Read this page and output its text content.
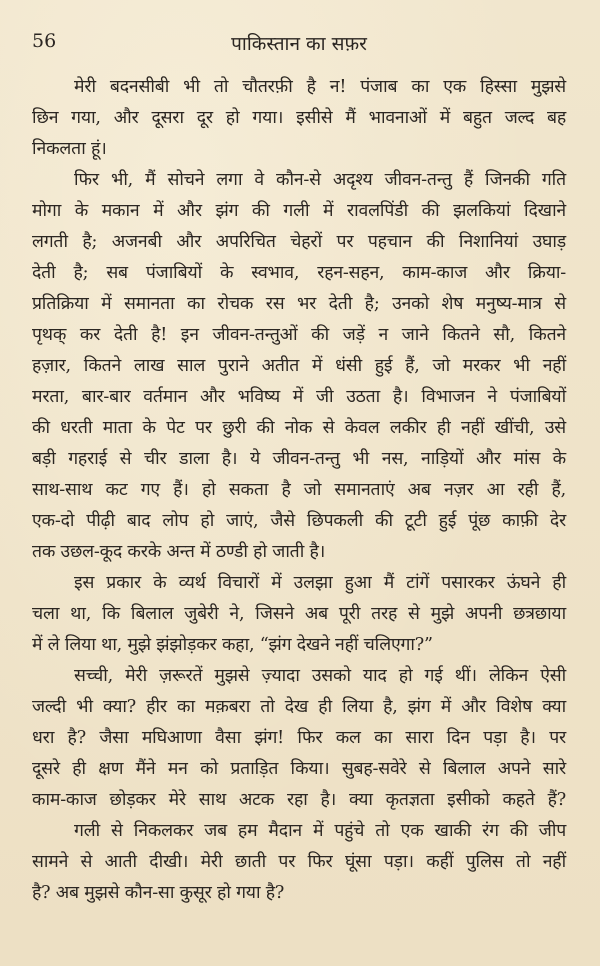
56	पाकिस्तान का सफ़र
मेरी बदनसीबी भी तो चौतरफ़ी है न! पंजाब का एक हिस्सा मुझसे
छिन गया, और दूसरा दूर हो गया। इसीसे मैं भावनाओं में बहुत जल्द बह
निकलता हूं।
फिर भी, मैं सोचने लगा वे कौन-से अदृश्य जीवन-तन्तु हैं जिनकी गति
मोगा के मकान में और झंग की गली में रावलपिंडी की झलकियां दिखाने
लगती है; अजनबी और अपरिचित चेहरों पर पहचान की निशानियां उघाड़
देती है; सब पंजाबियों के स्वभाव, रहन-सहन, काम-काज और क्रिया-
प्रतिक्रिया में समानता का रोचक रस भर देती है; उनको शेष मनुष्य-मात्र से
पृथक् कर देती है! इन जीवन-तन्तुओं की जड़ें न जाने कितने सौ, कितने
हज़ार, कितने लाख साल पुराने अतीत में धंसी हुई हैं, जो मरकर भी नहीं
मरता, बार-बार वर्तमान और भविष्य में जी उठता है। विभाजन ने पंजाबियों
की धरती माता के पेट पर छुरी की नोक से केवल लकीर ही नहीं खींची, उसे
बड़ी गहराई से चीर डाला है। ये जीवन-तन्तु भी नस, नाड़ियों और मांस के
साथ-साथ कट गए हैं। हो सकता है जो समानताएं अब नज़र आ रही हैं,
एक-दो पीढ़ी बाद लोप हो जाएं, जैसे छिपकली की टूटी हुई पूंछ काफ़ी देर
तक उछल-कूद करके अन्त में ठण्डी हो जाती है।
इस प्रकार के व्यर्थ विचारों में उलझा हुआ मैं टांगें पसारकर ऊंघने ही
चला था, कि बिलाल जुबेरी ने, जिसने अब पूरी तरह से मुझे अपनी छत्रछाया
में ले लिया था, मुझे झंझोड़कर कहा, “झंग देखने नहीं चलिएगा?”
सच्ची, मेरी ज़रूरतें मुझसे ज़्यादा उसको याद हो गई थीं। लेकिन ऐसी
जल्दी भी क्या? हीर का मक़बरा तो देख ही लिया है, झंग में और विशेष क्या
धरा है? जैसा मघिआणा वैसा झंग! फिर कल का सारा दिन पड़ा है। पर
दूसरे ही क्षण मैंने मन को प्रताड़ित किया। सुबह-सवेरे से बिलाल अपने सारे
काम-काज छोड़कर मेरे साथ अटक रहा है। क्या कृतज्ञता इसीको कहते हैं?
गली से निकलकर जब हम मैदान में पहुंचे तो एक खाकी रंग की जीप
सामने से आती दीखी। मेरी छाती पर फिर घूंसा पड़ा। कहीं पुलिस तो नहीं
है? अब मुझसे कौन-सा कुसूर हो गया है?
